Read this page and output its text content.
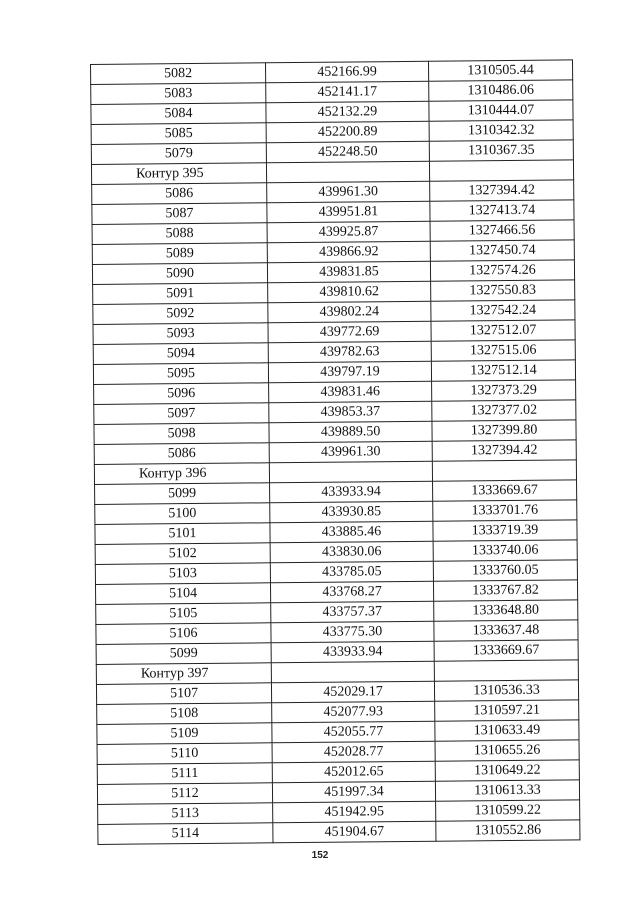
5082	452166.99	1310505.44
5083	452141.17	1310486.06
5084	452132.29	1310444.07
5085	452200.89	1310342.32
5079	452248.50	1310367.35
Контур 395		
5086	439961.30	1327394.42
5087	439951.81	1327413.74
5088	439925.87	1327466.56
5089	439866.92	1327450.74
5090	439831.85	1327574.26
5091	439810.62	1327550.83
5092	439802.24	1327542.24
5093	439772.69	1327512.07
5094	439782.63	1327515.06
5095	439797.19	1327512.14
5096	439831.46	1327373.29
5097	439853.37	1327377.02
5098	439889.50	1327399.80
5086	439961.30	1327394.42
Контур 396		
5099	433933.94	1333669.67
5100	433930.85	1333701.76
5101	433885.46	1333719.39
5102	433830.06	1333740.06
5103	433785.05	1333760.05
5104	433768.27	1333767.82
5105	433757.37	1333648.80
5106	433775.30	1333637.48
5099	433933.94	1333669.67
Контур 397		
5107	452029.17	1310536.33
5108	452077.93	1310597.21
5109	452055.77	1310633.49
5110	452028.77	1310655.26
5111	452012.65	1310649.22
5112	451997.34	1310613.33
5113	451942.95	1310599.22
5114	451904.67	1310552.86
152
